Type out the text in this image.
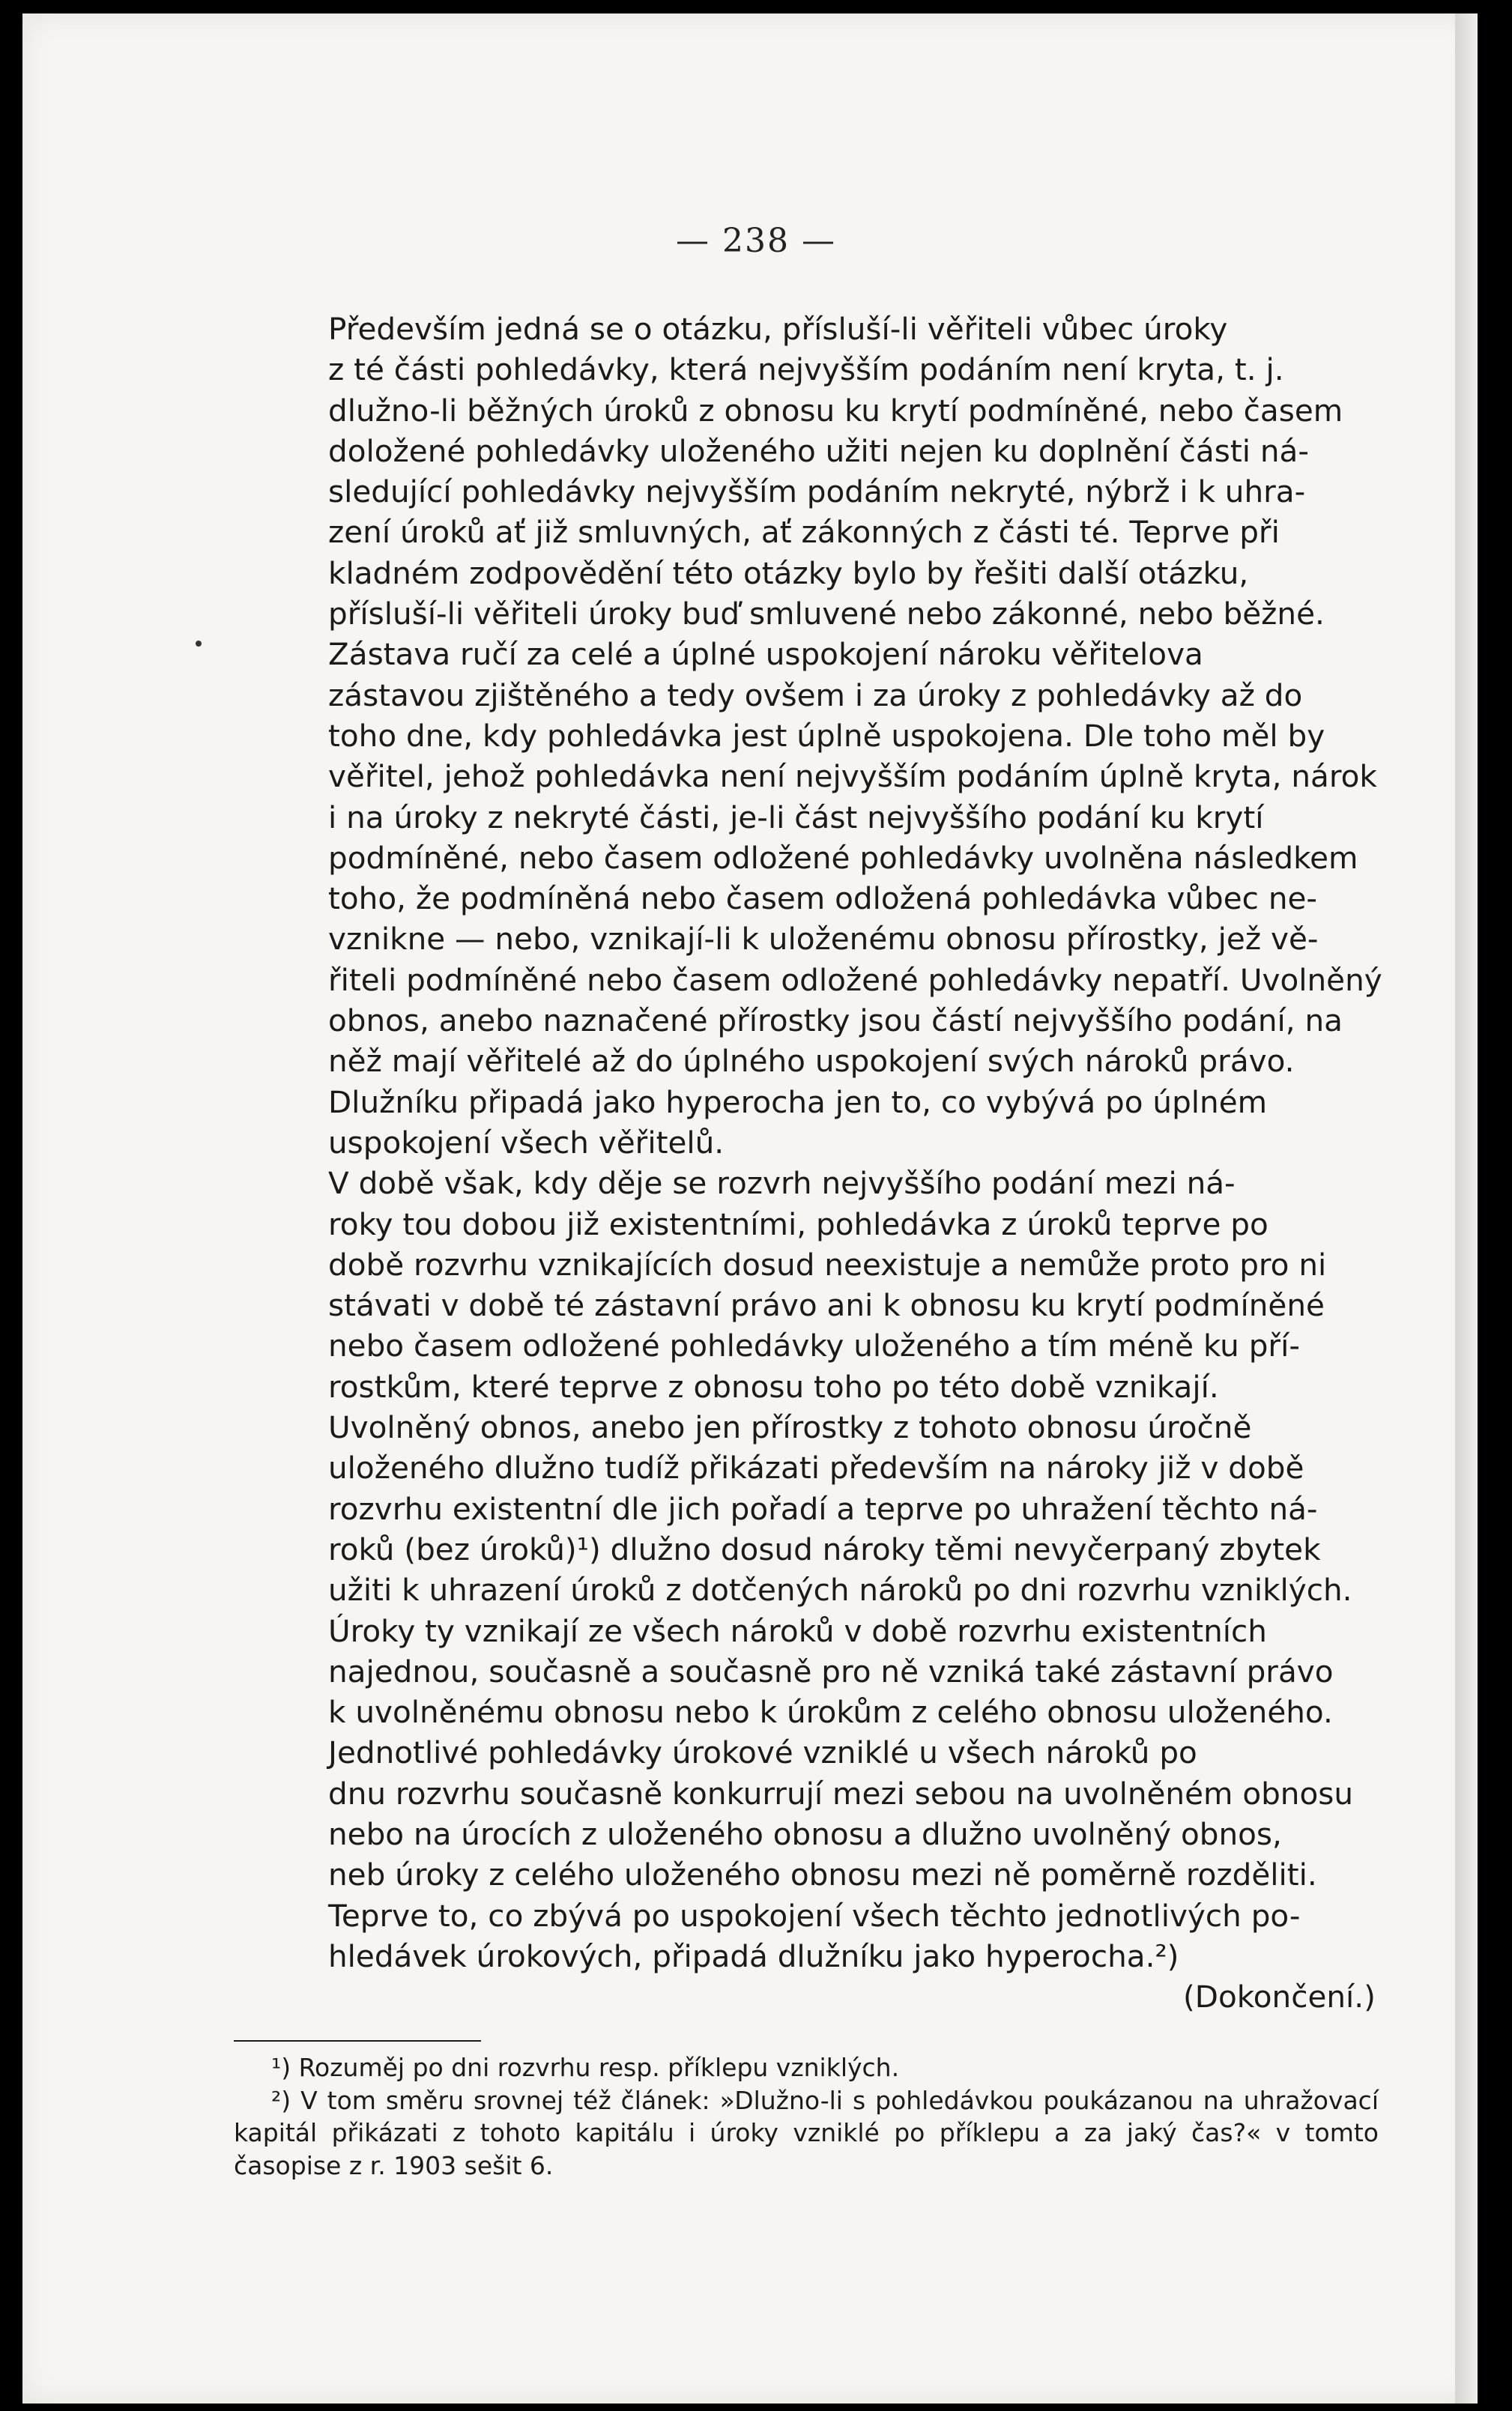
— 238 —

Především jedná se o otázku, přísluší-li věřiteli vůbec úroky
z té části pohledávky, která nejvyšším podáním není kryta, t. j.
dlužno-li běžných úroků z obnosu ku krytí podmíněné, nebo časem
doložené pohledávky uloženého užiti nejen ku doplnění části ná-
sledující pohledávky nejvyšším podáním nekryté, nýbrž i k uhra-
zení úroků ať již smluvných, ať zákonných z části té. Teprve při
kladném zodpovědění této otázky bylo by řešiti další otázku,
přísluší-li věřiteli úroky buď smluvené nebo zákonné, nebo běžné.

Zástava ručí za celé a úplné uspokojení nároku věřitelova
zástavou zjištěného a tedy ovšem i za úroky z pohledávky až do
toho dne, kdy pohledávka jest úplně uspokojena. Dle toho měl by
věřitel, jehož pohledávka není nejvyšším podáním úplně kryta, nárok
i na úroky z nekryté části, je-li část nejvyššího podání ku krytí
podmíněné, nebo časem odložené pohledávky uvolněna následkem
toho, že podmíněná nebo časem odložená pohledávka vůbec ne-
vznikne — nebo, vznikají-li k uloženému obnosu přírostky, jež vě-
řiteli podmíněné nebo časem odložené pohledávky nepatří. Uvolněný
obnos, anebo naznačené přírostky jsou částí nejvyššího podání, na
něž mají věřitelé až do úplného uspokojení svých nároků právo.
Dlužníku připadá jako hyperocha jen to, co vybývá po úplném
uspokojení všech věřitelů.

V době však, kdy děje se rozvrh nejvyššího podání mezi ná-
roky tou dobou již existentními, pohledávka z úroků teprve po
době rozvrhu vznikajících dosud neexistuje a nemůže proto pro ni
stávati v době té zástavní právo ani k obnosu ku krytí podmíněné
nebo časem odložené pohledávky uloženého a tím méně ku pří-
rostkům, které teprve z obnosu toho po této době vznikají.

Uvolněný obnos, anebo jen přírostky z tohoto obnosu úročně
uloženého dlužno tudíž přikázati především na nároky již v době
rozvrhu existentní dle jich pořadí a teprve po uhražení těchto ná-
roků (bez úroků)¹) dlužno dosud nároky těmi nevyčerpaný zbytek
užiti k uhrazení úroků z dotčených nároků po dni rozvrhu vzniklých.
Úroky ty vznikají ze všech nároků v době rozvrhu existentních
najednou, současně a současně pro ně vzniká také zástavní právo
k uvolněnému obnosu nebo k úrokům z celého obnosu uloženého.

Jednotlivé pohledávky úrokové vzniklé u všech nároků po
dnu rozvrhu současně konkurrují mezi sebou na uvolněném obnosu
nebo na úrocích z uloženého obnosu a dlužno uvolněný obnos,
neb úroky z celého uloženého obnosu mezi ně poměrně rozděliti.
Teprve to, co zbývá po uspokojení všech těchto jednotlivých po-
hledávek úrokových, připadá dlužníku jako hyperocha.²)

(Dokončení.)

¹) Rozuměj po dni rozvrhu resp. příklepu vzniklých.

²) V tom směru srovnej též článek: »Dlužno-li s pohledávkou poukázanou na uhražovací kapitál přikázati z tohoto kapitálu i úroky vzniklé po příklepu a za jaký čas?« v tomto časopise z r. 1903 sešit 6.
